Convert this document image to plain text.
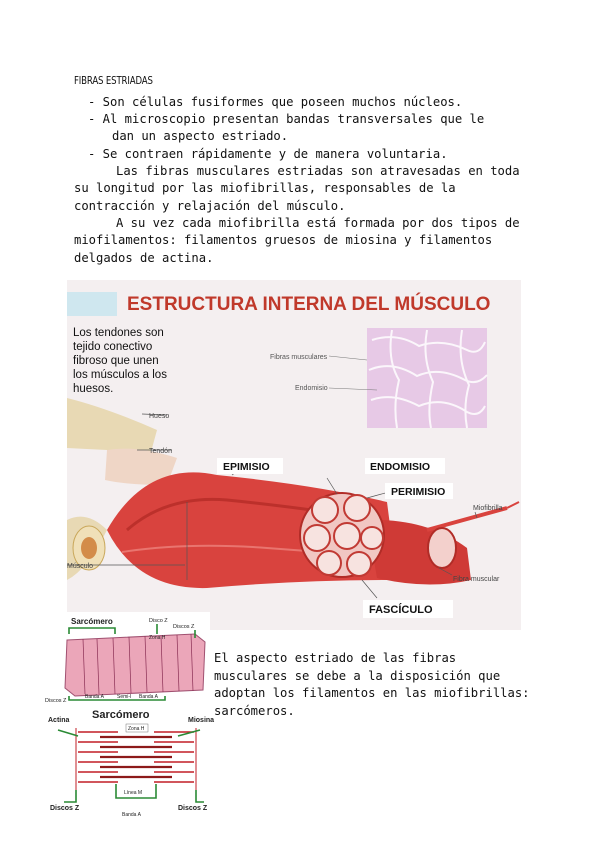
FIBRAS ESTRIADAS
- Son células fusiformes que poseen muchos núcleos.
- Al microscopio presentan bandas transversales que le
dan un aspecto estriado.
- Se contraen rápidamente y de manera voluntaria.
Las fibras musculares estriadas son atravesadas en toda su longitud por las miofibrillas, responsables de la contracción y relajación del músculo.
A su vez cada miofibrilla está formada por dos tipos de miofilamentos: filamentos gruesos de miosina y filamentos delgados de actina.
ESTRUCTURA INTERNA DEL MÚSCULO
Los tendones son
tejido conectivo
fibroso que unen
los músculos a los
huesos.
Fibras musculares
Endomisio
Hueso
Tendón
Músculo
EPIMISIO	ENDOMISIO
PERIMISIO
Miofibrilla
Fibra muscular
FASCÍCULO
Sarcómero	Disco Z
Zona H
Discos Z
Discos Z
Banda A	Semi-I Banda A
Sarcómero
Zona H
Actina	Miosina
Línea M
Discos Z	Discos Z
Banda A
El aspecto estriado de las fibras musculares se debe a la disposición que adoptan los filamentos en las miofibrillas: sarcómeros.
